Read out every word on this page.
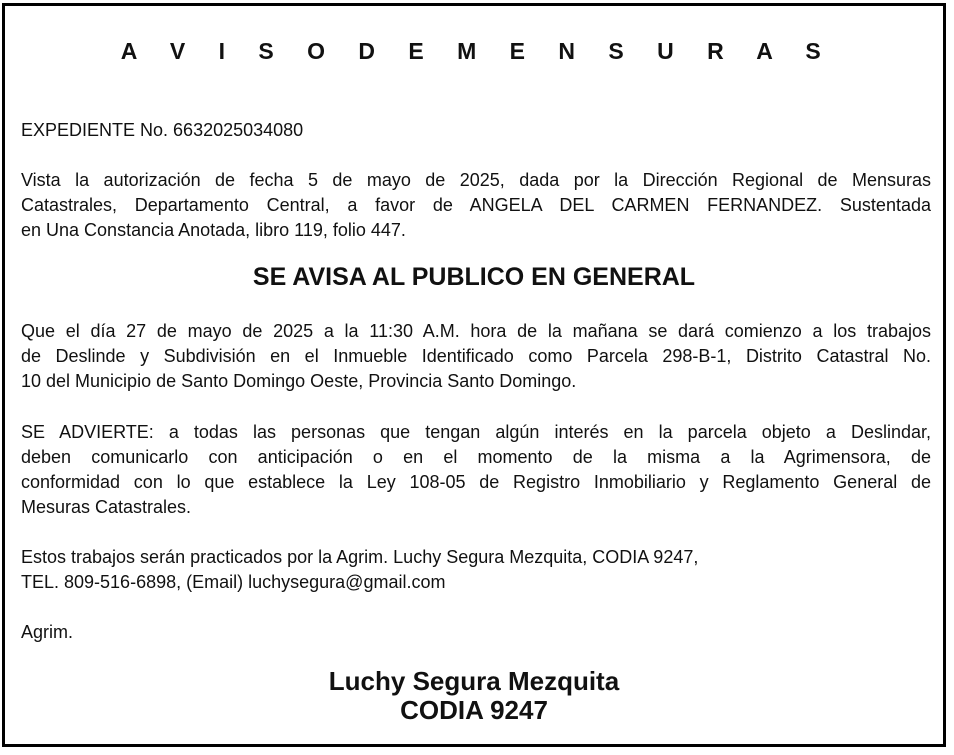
A V I S O D E M E N S U R A S
EXPEDIENTE No. 6632025034080
Vista la autorización de fecha 5 de mayo de 2025, dada por la Dirección Regional de Mensuras
Catastrales, Departamento Central, a favor de ANGELA DEL CARMEN FERNANDEZ. Sustentada
en Una Constancia Anotada, libro 119, folio 447.
SE AVISA AL PUBLICO EN GENERAL
Que el día 27 de mayo de 2025 a la 11:30 A.M. hora de la mañana se dará comienzo a los trabajos
de Deslinde y Subdivisión en el Inmueble Identificado como Parcela 298-B-1, Distrito Catastral No.
10 del Municipio de Santo Domingo Oeste, Provincia Santo Domingo.
SE ADVIERTE: a todas las personas que tengan algún interés en la parcela objeto a Deslindar,
deben comunicarlo con anticipación o en el momento de la misma a la Agrimensora, de
conformidad con lo que establece la Ley 108-05 de Registro Inmobiliario y Reglamento General de
Mesuras Catastrales.
Estos trabajos serán practicados por la Agrim. Luchy Segura Mezquita, CODIA 9247,
TEL. 809-516-6898, (Email) luchysegura@gmail.com
Agrim.
Luchy Segura Mezquita
CODIA 9247
